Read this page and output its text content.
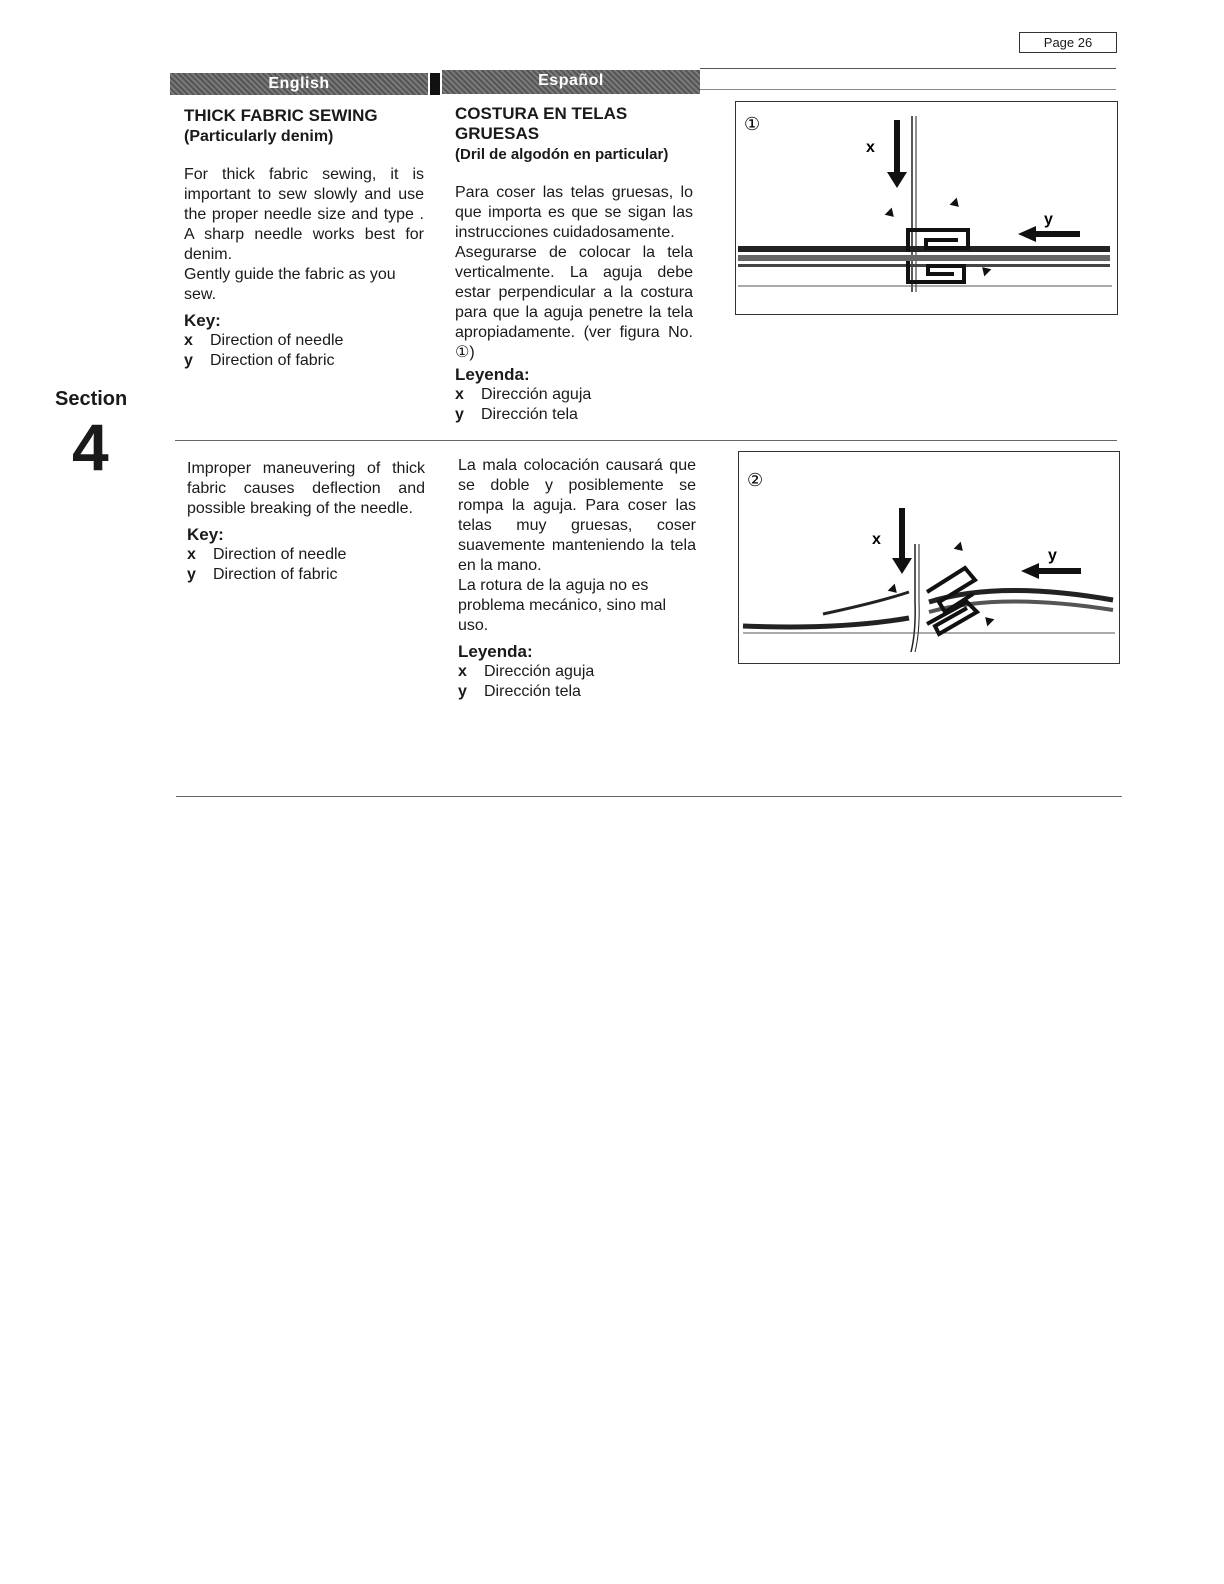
Page 26
English	Español
Section
4

THICK FABRIC SEWING

(Particularly denim)

For thick fabric sewing, it is important to sew slowly and use the proper needle size and type . A sharp needle works best for denim.

Gently guide the fabric as you sew.

Key:

x	Direction of needle
y	Direction of fabric

COSTURA EN TELAS

GRUESAS

(Dril de algodón en particular)

Para coser las telas gruesas, lo que importa es que se sigan las instrucciones cuidadosamente.

Asegurarse de colocar la tela verticalmente. La aguja debe estar perpendicular a la costura para que la aguja penetre la tela apropiadamente. (ver figura No. ①)

Leyenda:

x	Dirección aguja
y	Dirección tela
①
x
y

Improper maneuvering of thick fabric causes deflection and possible breaking of the needle.

Key:

x	Direction of needle
y	Direction of fabric

La mala colocación causará que se doble y posiblemente se rompa la aguja. Para coser las telas muy gruesas, coser suavemente manteniendo la tela en la mano.

La rotura de la aguja no es problema mecánico, sino mal uso.

Leyenda:

x	Dirección aguja
y	Dirección tela
②
x
y
